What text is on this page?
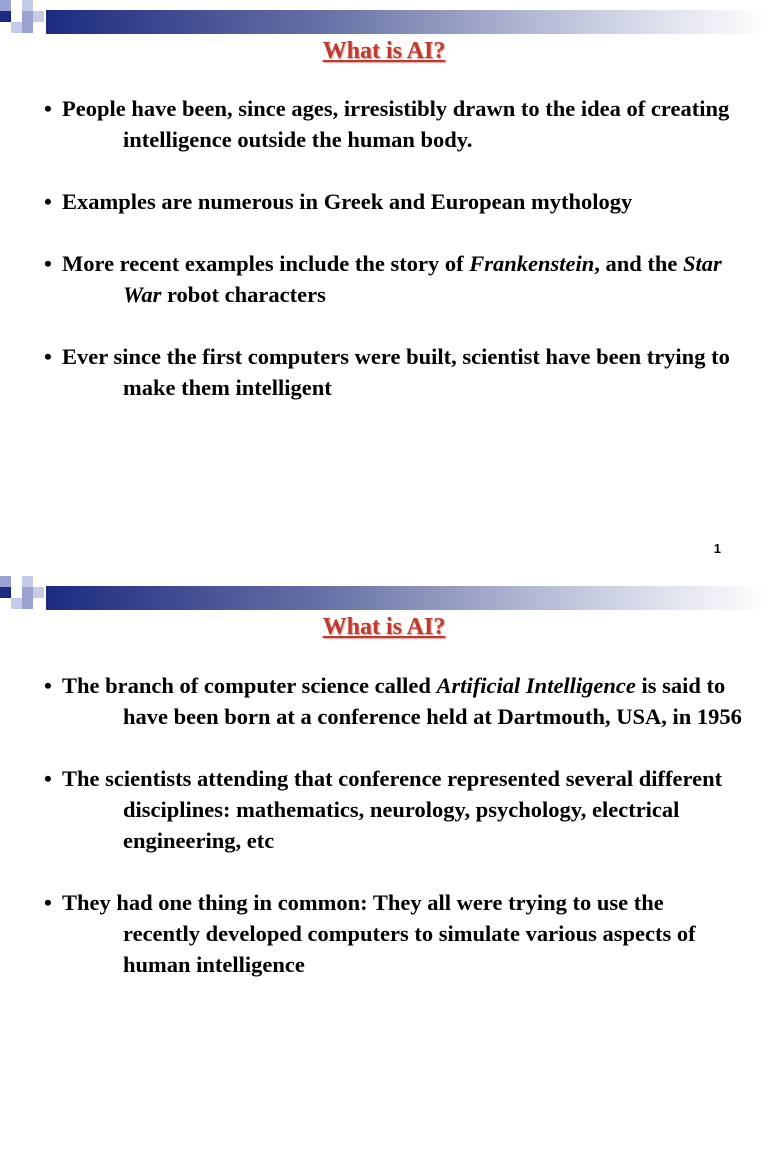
What is AI?
• People have been, since ages, irresistibly drawn to the idea of creating intelligence outside the human body.
• Examples are numerous in Greek and European mythology
• More recent examples include the story of Frankenstein, and the Star War robot characters
• Ever since the first computers were built, scientist have been trying to make them intelligent
1
What is AI?
• The branch of computer science called Artificial Intelligence is said to have been born at a conference held at Dartmouth, USA, in 1956
• The scientists attending that conference represented several different disciplines: mathematics, neurology, psychology, electrical engineering, etc
• They had one thing in common: They all were trying to use the recently developed computers to simulate various aspects of human intelligence
